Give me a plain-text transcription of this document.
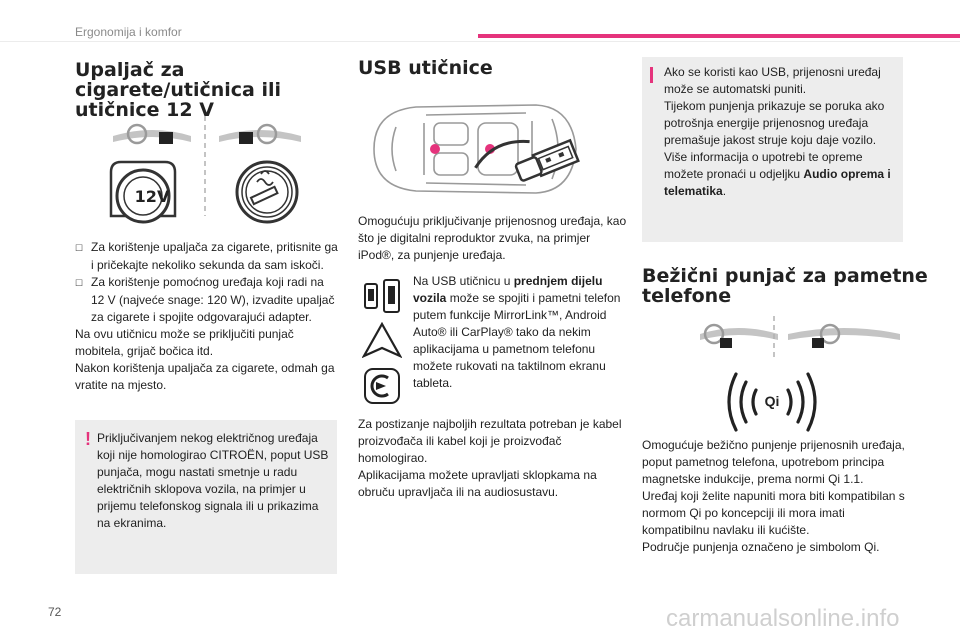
Ergonomija i komfor
Upaljač za cigarete/utičnica ili utičnice 12 V
12V

☐ Za korištenje upaljača za cigarete, pritisnite ga i pričekajte nekoliko sekunda da sam iskoči.

☐ Za korištenje pomoćnog uređaja koji radi na 12 V (najveće snage: 120 W), izvadite upaljač za cigarete i spojite odgovarajući adapter.

Na ovu utičnicu može se priključiti punjač mobitela, grijač bočica itd.

Nakon korištenja upaljača za cigarete, odmah ga vratite na mjesto.

! Priključivanjem nekog električnog uređaja koji nije homologirao CITROËN, poput USB punjača, mogu nastati smetnje u radu električnih sklopova vozila, na primjer u prijemu telefonskog signala ili u prikazima na ekranima.
USB utičnice
Omogućuju priključivanje prijenosnog uređaja, kao što je digitalni reproduktor zvuka, na primjer iPod®, za punjenje uređaja.
Na USB utičnicu u prednjem dijelu vozila može se spojiti i pametni telefon putem funkcije MirrorLink™, Android Auto® ili CarPlay® tako da nekim aplikacijama u pametnom telefonu možete rukovati na taktilnom ekranu tableta.

Za postizanje najboljih rezultata potreban je kabel proizvođača ili kabel koji je proizvođač homologirao.

Aplikacijama možete upravljati sklopkama na obruču upravljača ili na audiosustavu.

Ako se koristi kao USB, prijenosni uređaj može se automatski puniti.

Tijekom punjenja prikazuje se poruka ako potrošnja energije prijenosnog uređaja premašuje jakost struje koju daje vozilo.

Više informacija o upotrebi te opreme možete pronaći u odjeljku Audio oprema i telematika.

Bežični punjač za pametne telefone
Qi

Omogućuje bežično punjenje prijenosnih uređaja, poput pametnog telefona, upotrebom principa magnetske indukcije, prema normi Qi 1.1.

Uređaj koji želite napuniti mora biti kompatibilan s normom Qi po koncepciji ili mora imati kompatibilnu navlaku ili kućište.

Područje punjenja označeno je simbolom Qi.

72	carmanualsonline.info
